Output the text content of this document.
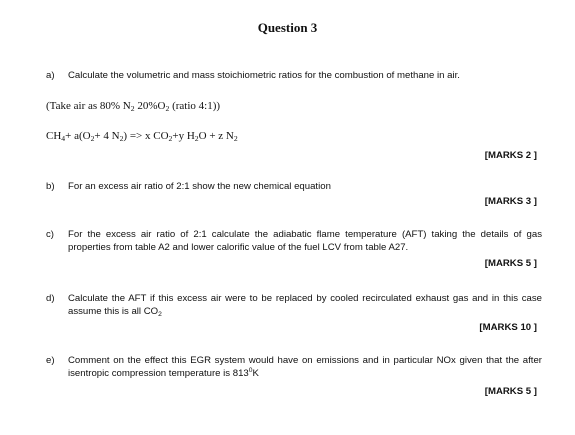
Question 3
a) Calculate the volumetric and mass stoichiometric ratios for the combustion of methane in air.
(Take air as 80% $N_2$ $20\%O_2$ (ratio 4:1))
$CH_4+ a(O_2+ 4$ $N_2) => x$ $CO_2+y$ $H_2O + z$ $N_2$
[MARKS 2 ]
b) For an excess air ratio of 2:1 show the new chemical equation
[MARKS 3 ]
c) For the excess air ratio of 2:1 calculate the adiabatic flame temperature (AFT) taking the details of gas properties from table A2 and lower calorific value of the fuel LCV from table A27.
[MARKS 5 ]
d) Calculate the AFT if this excess air were to be replaced by cooled recirculated exhaust gas and in this case assume this is all $CO_2$
[MARKS 10 ]
e) Comment on the effect this EGR system would have on emissions and in particular NOx given that the after isentropic compression temperature is $813^0K$
[MARKS 5 ]
